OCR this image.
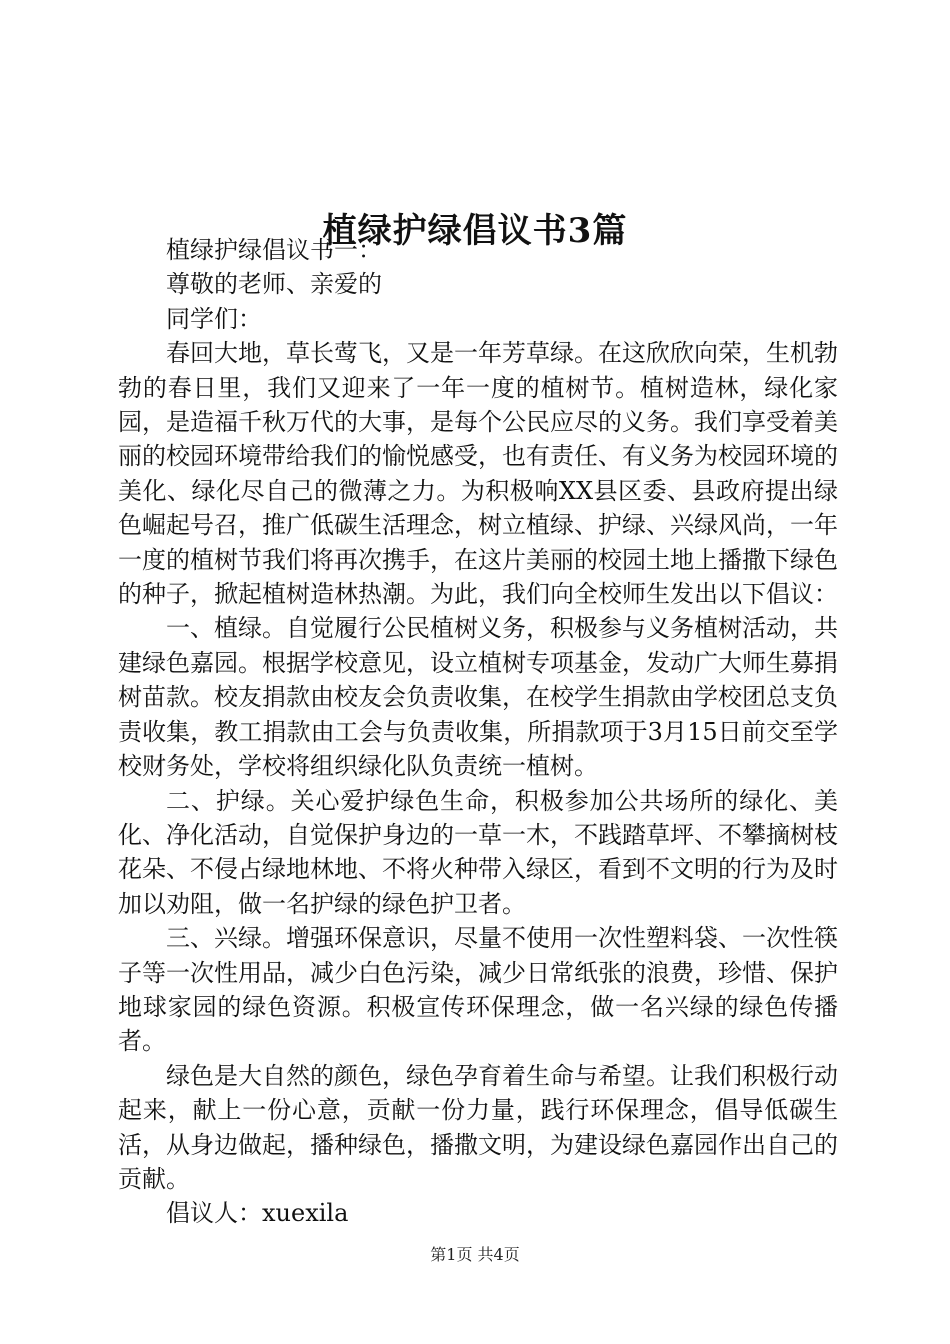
植绿护绿倡议书3篇

植绿护绿倡议书一：

尊敬的老师、亲爱的

同学们：

春回大地，草长莺飞，又是一年芳草绿。在这欣欣向荣，生机勃勃的春日里，我们又迎来了一年一度的植树节。植树造林，绿化家园，是造福千秋万代的大事，是每个公民应尽的义务。我们享受着美丽的校园环境带给我们的愉悦感受，也有责任、有义务为校园环境的美化、绿化尽自己的微薄之力。为积极响XX县区委、县政府提出绿色崛起号召，推广低碳生活理念，树立植绿、护绿、兴绿风尚，一年一度的植树节我们将再次携手，在这片美丽的校园土地上播撒下绿色的种子，掀起植树造林热潮。为此，我们向全校师生发出以下倡议：

一、植绿。自觉履行公民植树义务，积极参与义务植树活动，共建绿色嘉园。根据学校意见，设立植树专项基金，发动广大师生募捐树苗款。校友捐款由校友会负责收集，在校学生捐款由学校团总支负责收集，教工捐款由工会与负责收集，所捐款项于3月15日前交至学校财务处，学校将组织绿化队负责统一植树。

二、护绿。关心爱护绿色生命，积极参加公共场所的绿化、美化、净化活动，自觉保护身边的一草一木，不践踏草坪、不攀摘树枝花朵、不侵占绿地林地、不将火种带入绿区，看到不文明的行为及时加以劝阻，做一名护绿的绿色护卫者。

三、兴绿。增强环保意识，尽量不使用一次性塑料袋、一次性筷子等一次性用品，减少白色污染，减少日常纸张的浪费，珍惜、保护地球家园的绿色资源。积极宣传环保理念，做一名兴绿的绿色传播者。

绿色是大自然的颜色，绿色孕育着生命与希望。让我们积极行动起来，献上一份心意，贡献一份力量，践行环保理念，倡导低碳生活，从身边做起，播种绿色，播撒文明，为建设绿色嘉园作出自己的贡献。

倡议人：xuexila

第1页 共4页
